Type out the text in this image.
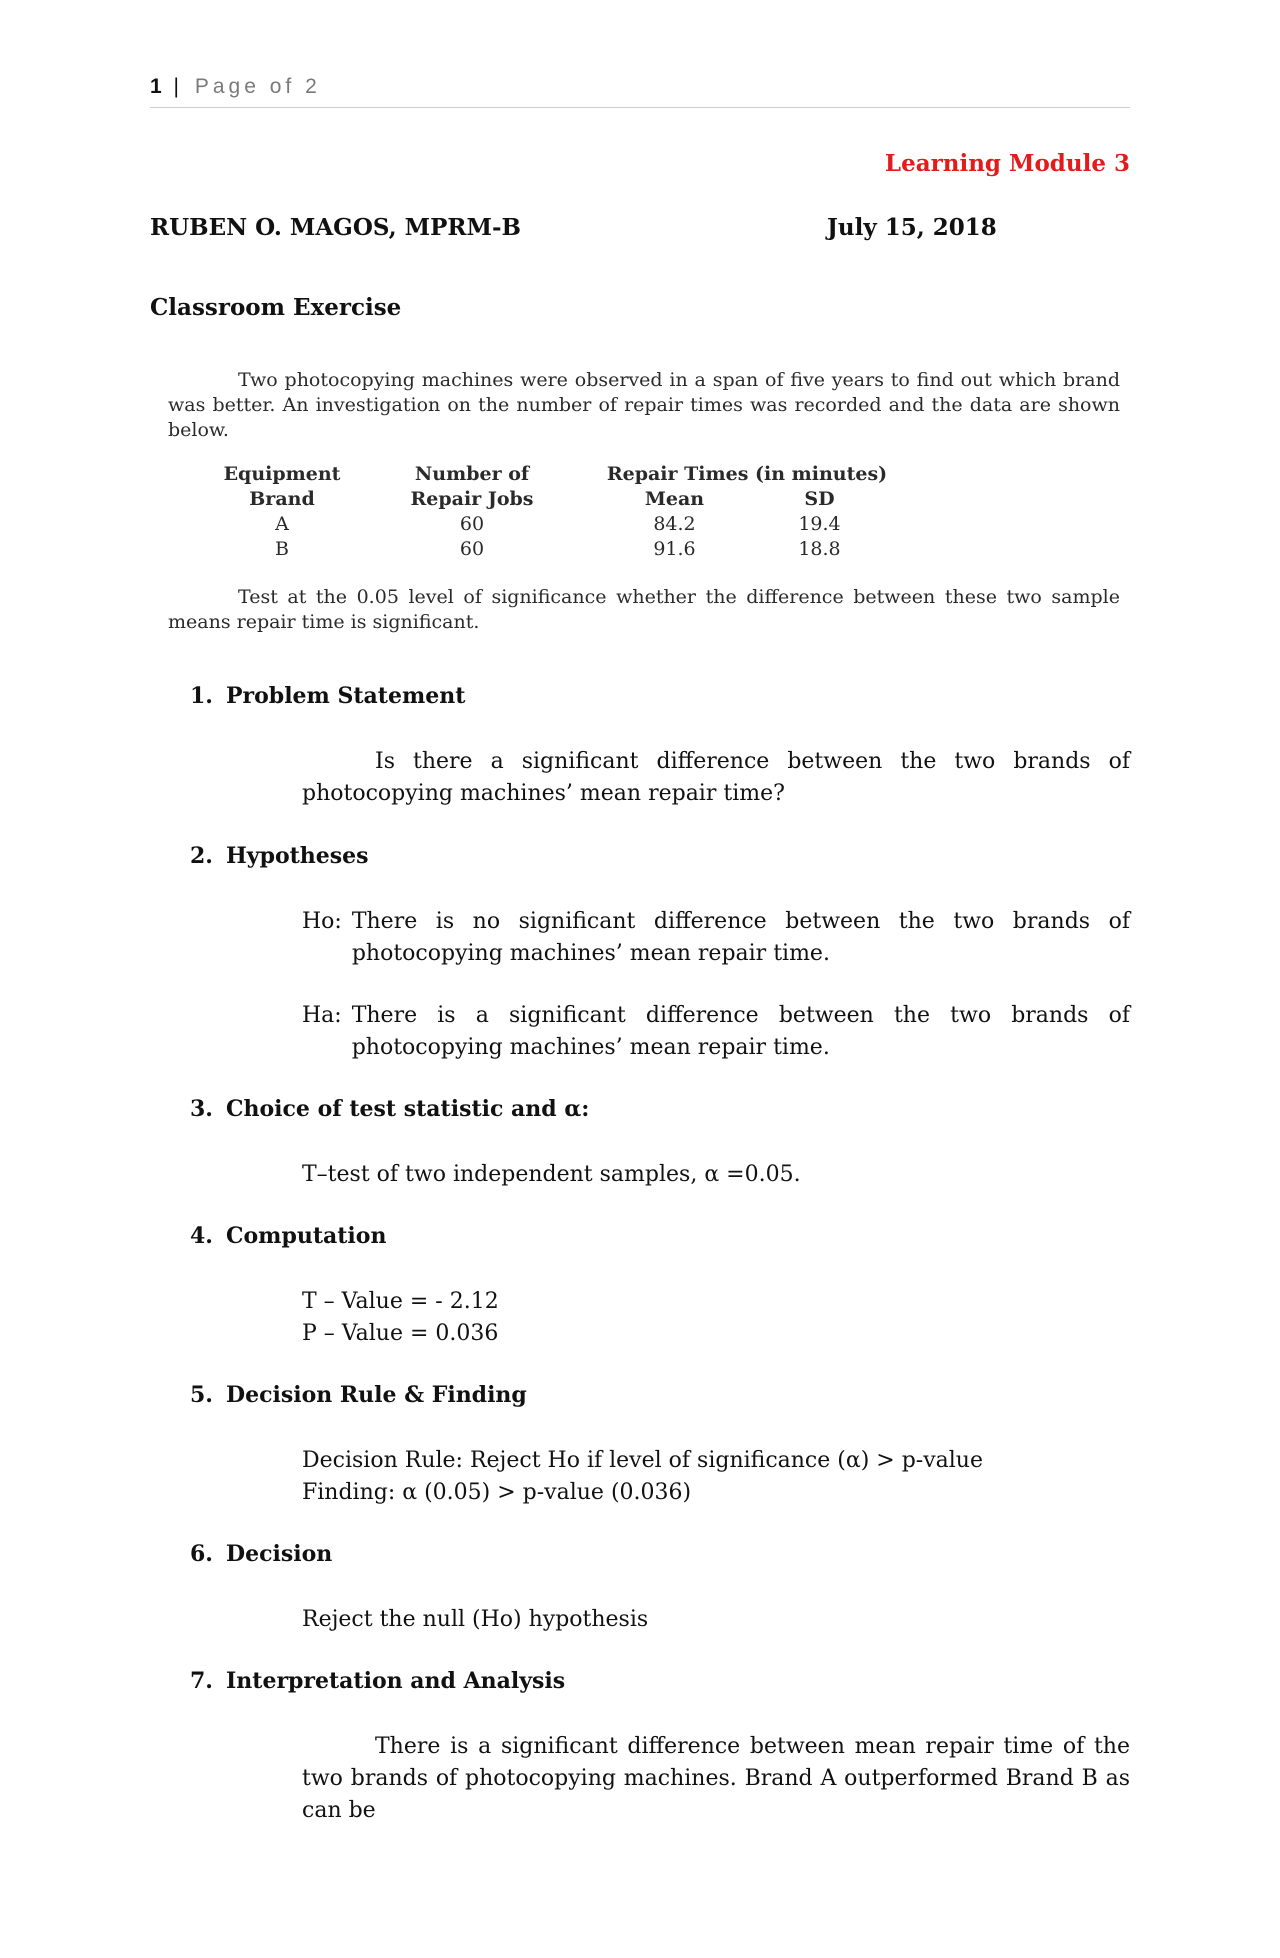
1 | Page of 2
Learning Module 3
RUBEN O. MAGOS, MPRM-B	July 15, 2018
Classroom Exercise

Two photocopying machines were observed in a span of five years to find out which brand was better. An investigation on the number of repair times was recorded and the data are shown below.

Equipment	Number of	Repair Times (in minutes)	
Brand	Repair Jobs	Mean	SD
A	60	84.2	19.4
B	60	91.6	18.8

Test at the 0.05 level of significance whether the difference between these two sample means repair time is significant.

1. Problem Statement
Is there a significant difference between the two brands of photocopying machines’ mean repair time?
2. Hypotheses
Ho: There is no significant difference between the two brands of photocopying machines’ mean repair time.
Ha: There is a significant difference between the two brands of photocopying machines’ mean repair time.
3. Choice of test statistic and α:
T–test of two independent samples, α =0.05.
4. Computation
T – Value = - 2.12
P – Value = 0.036
5. Decision Rule & Finding
Decision Rule: Reject Ho if level of significance (α) > p-value
Finding: α (0.05) > p-value (0.036)
6. Decision
Reject the null (Ho) hypothesis
7. Interpretation and Analysis
There is a significant difference between mean repair time of the two brands of photocopying machines. Brand A outperformed Brand B as can be
